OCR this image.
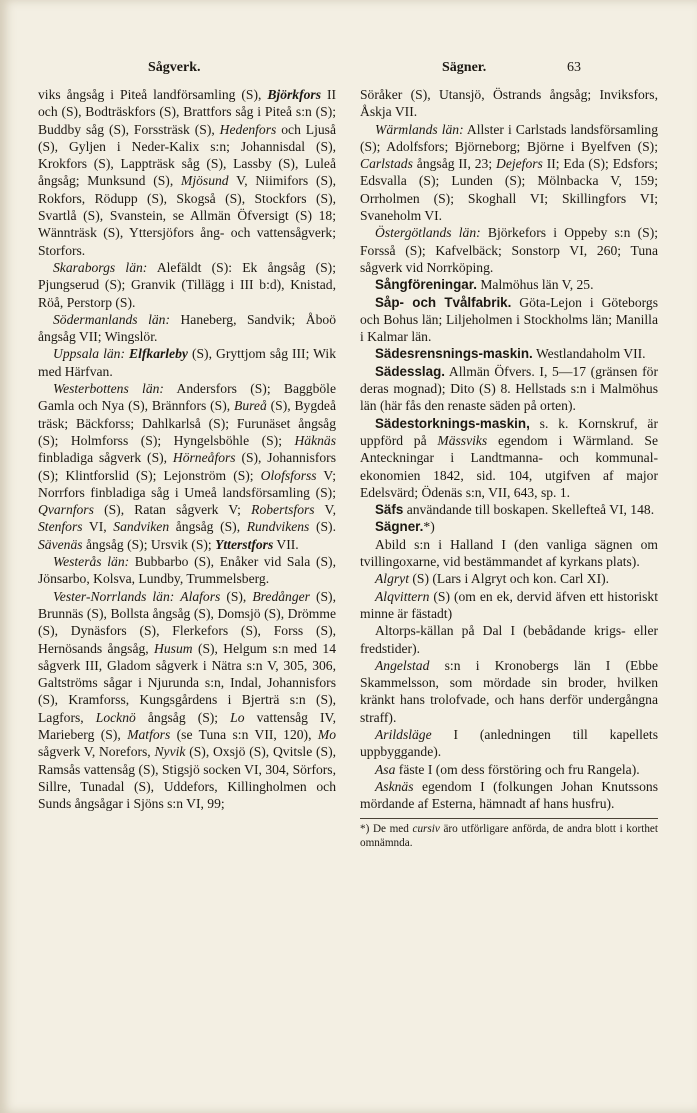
Sågverk.	Sägner.	63

viks ångsåg i Piteå landförsamling (S), Björkfors II och (S), Bodträskfors (S), Brattfors såg i Piteå s:n (S); Buddby såg (S), Forssträsk (S), Hedenfors och Ljuså (S), Gyljen i Neder-Kalix s:n; Johannisdal (S), Krokfors (S), Lappträsk såg (S), Lassby (S), Luleå ångsåg; Munksund (S), Mjösund V, Niimifors (S), Rokfors, Rödupp (S), Skogså (S), Stockfors (S), Svartlå (S), Svanstein, se Allmän Öfversigt (S) 18; Wännträsk (S), Yttersjöfors ång- och vattensågverk; Storfors.

Skaraborgs län: Alefäldt (S): Ek ångsåg (S); Pjungserud (S); Granvik (Tillägg i III b:d), Knistad, Röå, Perstorp (S).

Södermanlands län: Haneberg, Sandvik; Åboö ångsåg VII; Wingslör.

Uppsala län: Elfkarleby (S), Gryttjom såg III; Wik med Härfvan.

Westerbottens län: Andersfors (S); Baggböle Gamla och Nya (S), Brännfors (S), Bureå (S), Bygdeå träsk; Bäckforss; Dahlkarlså (S); Furunäset ångsåg (S); Holmforss (S); Hyngelsböhle (S); Häknäs finbladiga sågverk (S), Hörneåfors (S), Johannisfors (S); Klintforslid (S); Lejonström (S); Olofsforss V; Norrfors finbladiga såg i Umeå landsförsamling (S); Qvarnfors (S), Ratan sågverk V; Robertsfors V, Stenfors VI, Sandviken ångsåg (S), Rundvikens (S). Sävenäs ångsåg (S); Ursvik (S); Ytterstfors VII.

Westerås län: Bubbarbo (S), Enåker vid Sala (S), Jönsarbo, Kolsva, Lundby, Trummelsberg.

Vester-Norrlands län: Alafors (S), Bredånger (S), Brunnäs (S), Bollsta ångsåg (S), Domsjö (S), Drömme (S), Dynäsfors (S), Flerkefors (S), Forss (S), Hernösands ångsåg, Husum (S), Helgum s:n med 14 sågverk III, Gladom sågverk i Nätra s:n V, 305, 306, Galtströms sågar i Njurunda s:n, Indal, Johannisfors (S), Kramforss, Kungsgårdens i Bjerträ s:n (S), Lagfors, Locknö ångsåg (S); Lo vattensåg IV, Marieberg (S), Matfors (se Tuna s:n VII, 120), Mo sågverk V, Norefors, Nyvik (S), Oxsjö (S), Qvitsle (S), Ramsås vattensåg (S), Stigsjö socken VI, 304, Sörfors, Sillre, Tunadal (S), Uddefors, Killingholmen och Sunds ångsågar i Sjöns s:n VI, 99;

Söråker (S), Utansjö, Östrands ångsåg; Inviksfors, Åskja VII.

Wärmlands län: Allster i Carlstads landsförsamling (S); Adolfsfors; Björneborg; Björne i Byelfven (S); Carlstads ångsåg II, 23; Dejefors II; Eda (S); Edsfors; Edsvalla (S); Lunden (S); Mölnbacka V, 159; Orrholmen (S); Skoghall VI; Skillingfors VI; Svaneholm VI.

Östergötlands län: Björkefors i Oppeby s:n (S); Forsså (S); Kafvelbäck; Sonstorp VI, 260; Tuna sågverk vid Norrköping.

Sångföreningar. Malmöhus län V, 25.

Såp- och Tvålfabrik. Göta-Lejon i Göteborgs och Bohus län; Liljeholmen i Stockholms län; Manilla i Kalmar län.

Sädesrensnings-maskin. Westlandaholm VII.

Sädesslag. Allmän Öfvers. I, 5—17 (gränsen för deras mognad); Dito (S) 8. Hellstads s:n i Malmöhus län (här fås den renaste säden på orten).

Sädestorknings-maskin, s. k. Kornskruf, är uppförd på Mässviks egendom i Wärmland. Se Anteckningar i Landtmanna- och kommunal-ekonomien 1842, sid. 104, utgifven af major Edelsvärd; Ödenäs s:n, VII, 643, sp. 1.

Säfs användande till boskapen. Skellefteå VI, 148.

Sägner.*)

Abild s:n i Halland I (den vanliga sägnen om tvillingoxarne, vid bestämmandet af kyrkans plats).

Algryt (S) (Lars i Algryt och kon. Carl XI).

Alqvittern (S) (om en ek, dervid äfven ett historiskt minne är fästadt)

Altorps-källan på Dal I (bebådande krigs- eller fredstider).

Angelstad s:n i Kronobergs län I (Ebbe Skammelsson, som mördade sin broder, hvilken kränkt hans trolofvade, och hans derför undergångna straff).

Arildsläge I (anledningen till kapellets uppbyggande).

Asa fäste I (om dess förstöring och fru Rangela).

Asknäs egendom I (folkungen Johan Knutssons mördande af Esterna, hämnadt af hans husfru).

*) De med cursiv äro utförligare anförda, de andra blott i korthet omnämnda.
